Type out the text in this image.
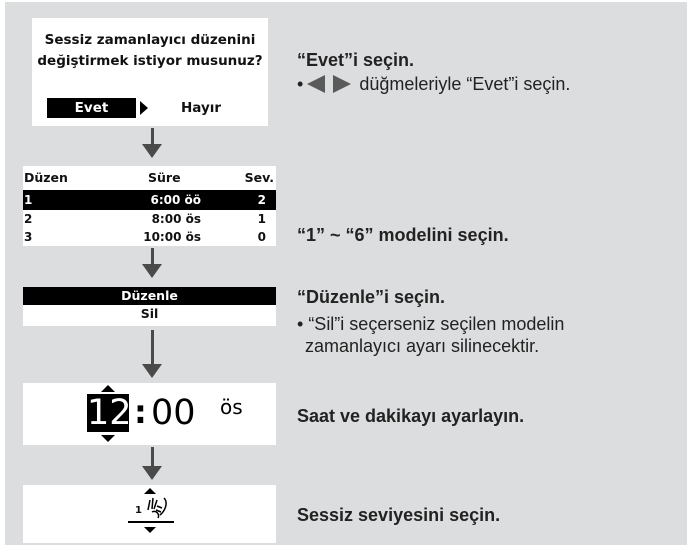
Sessiz zamanlayıcı düzenini
değiştirmek istiyor musunuz?
Evet	Hayır
Düzen	Süre	Sev.
1	6:00 öö	2
2	8:00 ös	1
3	10:00 ös	0
Düzenle
Sil
12 : 00 ös
1
“Evet”i seçin.
•	düğmeleriyle “Evet”i seçin.
“1” ~ “6” modelini seçin.
“Düzenle”i seçin.
• “Sil”i seçerseniz seçilen modelin
zamanlayıcı ayarı silinecektir.
Saat ve dakikayı ayarlayın.
Sessiz seviyesini seçin.
